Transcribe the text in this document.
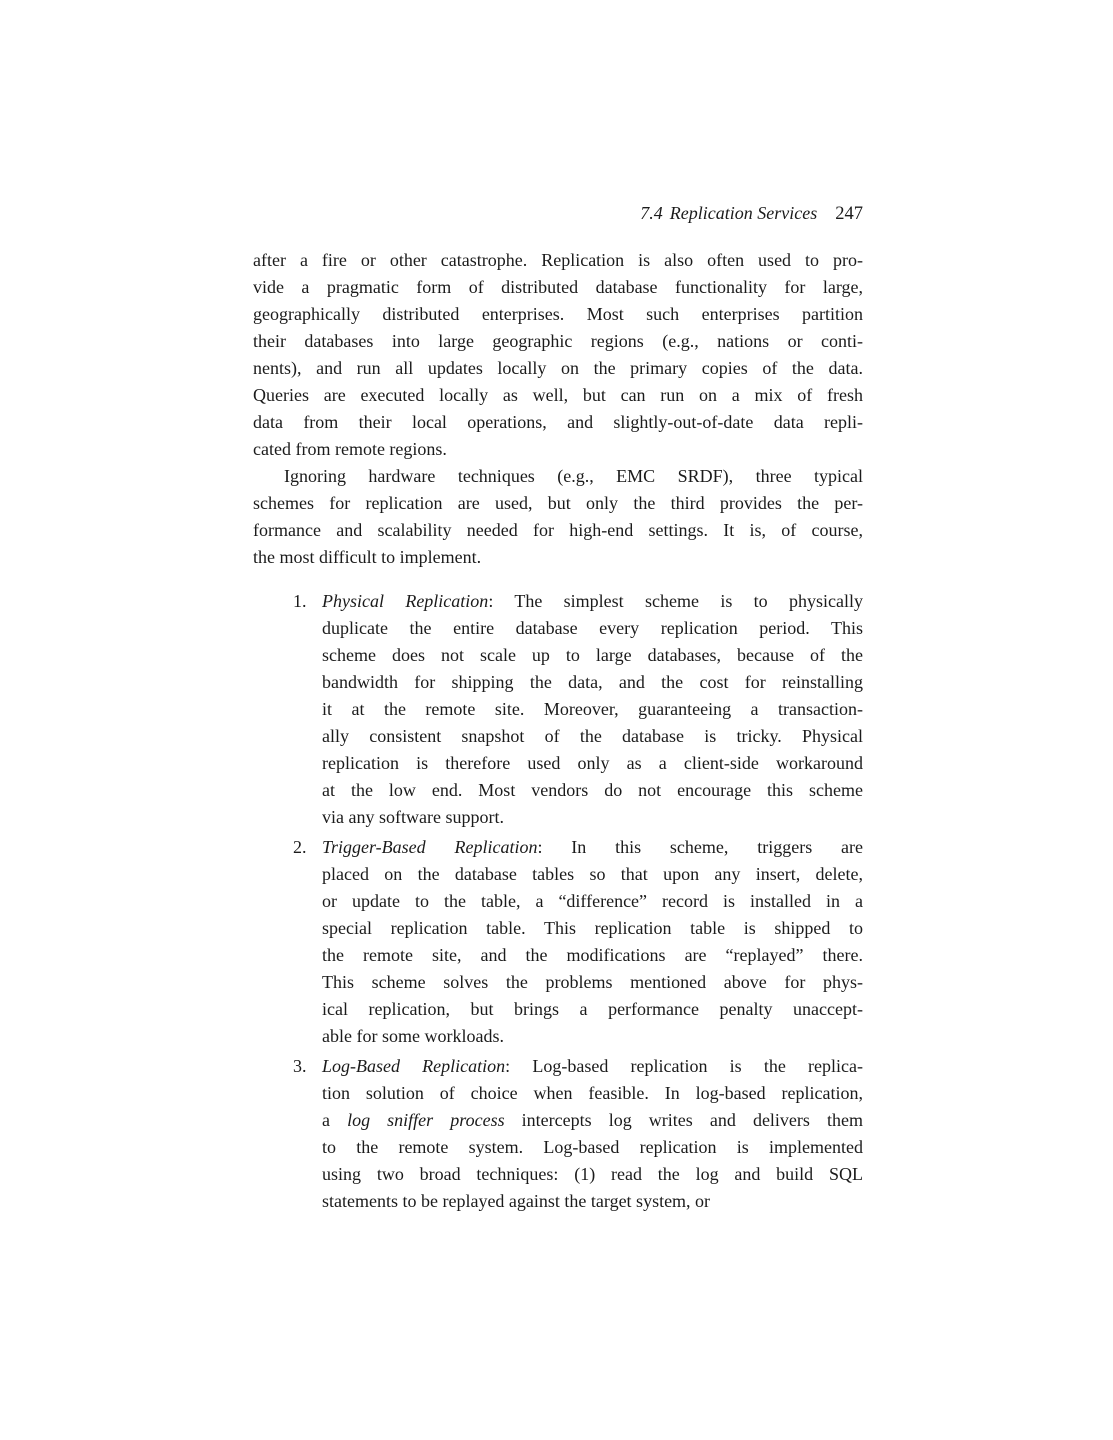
7.4 Replication Services 247
after a fire or other catastrophe. Replication is also often used to pro-
vide a pragmatic form of distributed database functionality for large,
geographically distributed enterprises. Most such enterprises partition
their databases into large geographic regions (e.g., nations or conti-
nents), and run all updates locally on the primary copies of the data.
Queries are executed locally as well, but can run on a mix of fresh
data from their local operations, and slightly-out-of-date data repli-
cated from remote regions.
Ignoring hardware techniques (e.g., EMC SRDF), three typical
schemes for replication are used, but only the third provides the per-
formance and scalability needed for high-end settings. It is, of course,
the most difficult to implement.
1. Physical Replication: The simplest scheme is to physically
duplicate the entire database every replication period. This
scheme does not scale up to large databases, because of the
bandwidth for shipping the data, and the cost for reinstalling
it at the remote site. Moreover, guaranteeing a transaction-
ally consistent snapshot of the database is tricky. Physical
replication is therefore used only as a client-side workaround
at the low end. Most vendors do not encourage this scheme
via any software support.
2. Trigger-Based Replication: In this scheme, triggers are
placed on the database tables so that upon any insert, delete,
or update to the table, a “difference” record is installed in a
special replication table. This replication table is shipped to
the remote site, and the modifications are “replayed” there.
This scheme solves the problems mentioned above for phys-
ical replication, but brings a performance penalty unaccept-
able for some workloads.
3. Log-Based Replication: Log-based replication is the replica-
tion solution of choice when feasible. In log-based replication,
a log sniffer process intercepts log writes and delivers them
to the remote system. Log-based replication is implemented
using two broad techniques: (1) read the log and build SQL
statements to be replayed against the target system, or
